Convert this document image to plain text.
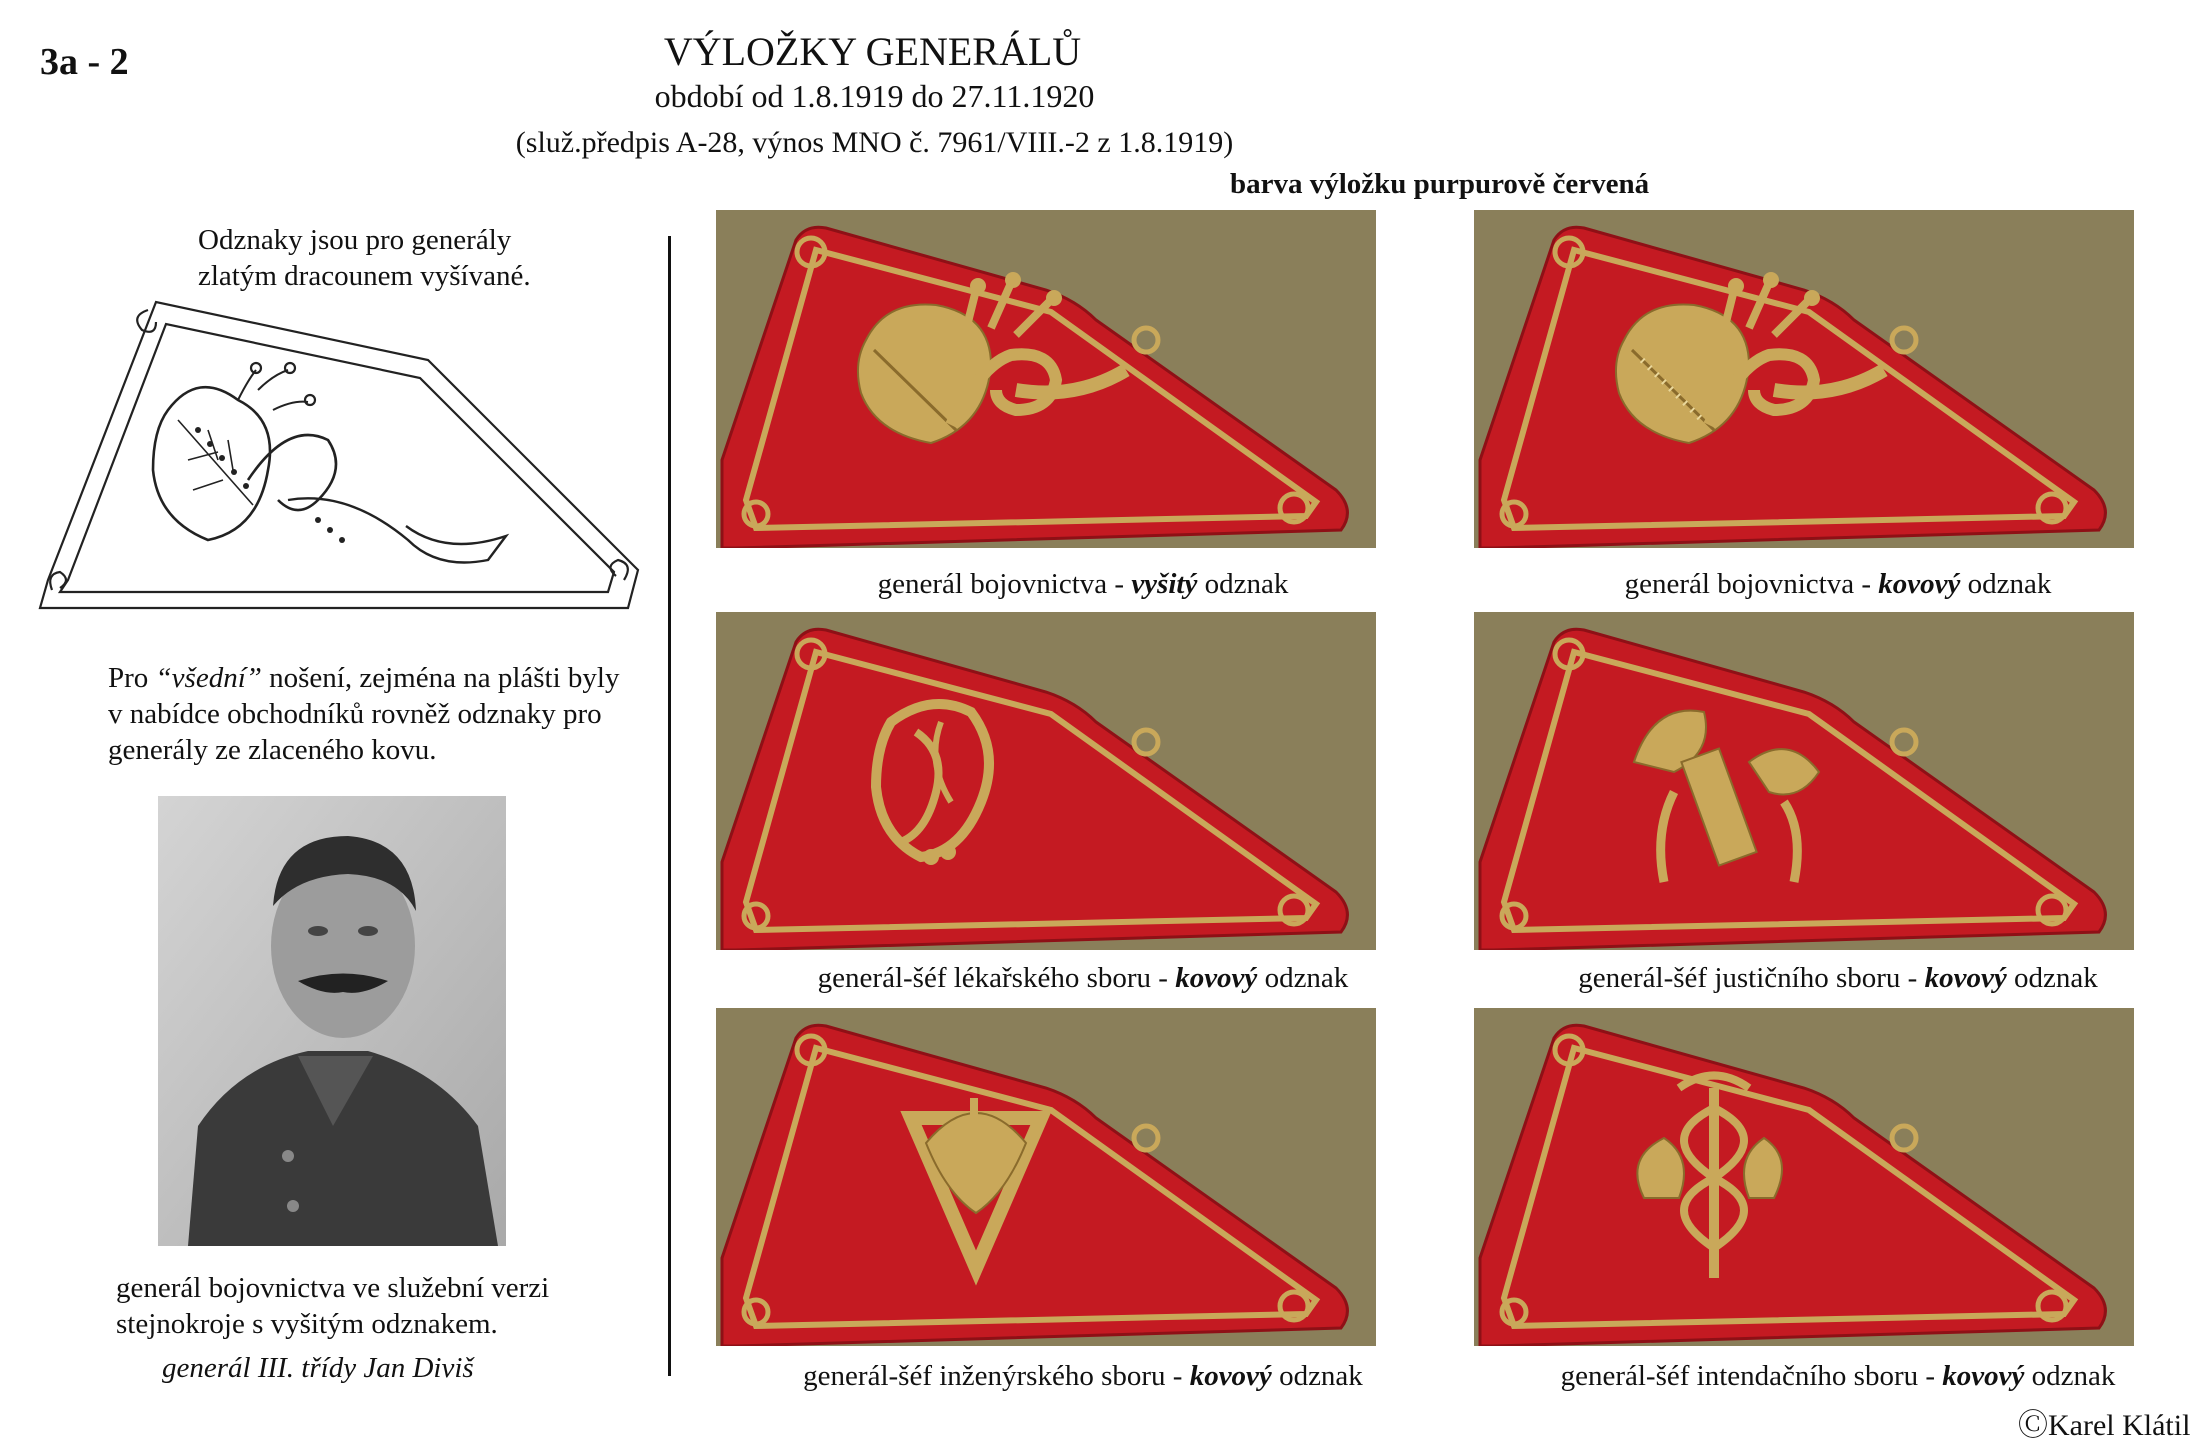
3a - 2	VÝLOŽKY GENERÁLŮ
období od 1.8.1919 do 27.11.1920
(služ.předpis A-28, výnos MNO č. 7961/VIII.-2 z 1.8.1919)
barva výložku purpurově červená
Odznaky jsou pro generály
zlatým dracounem vyšívané.
Pro “všední” nošení, zejména na plášti byly
v nabídce obchodníků rovněž odznaky pro
generály ze zlaceného kovu.
generál bojovnictva ve služební verzi
stejnokroje s vyšitým odznakem.
generál III. třídy Jan Diviš
generál bojovnictva - vyšitý odznak	generál bojovnictva - kovový odznak
generál-šéf lékařského sboru - kovový odznak	generál-šéf justičního sboru - kovový odznak
generál-šéf inženýrského sboru - kovový odznak	generál-šéf intendačního sboru - kovový odznak
ⒸKarel Klátil
